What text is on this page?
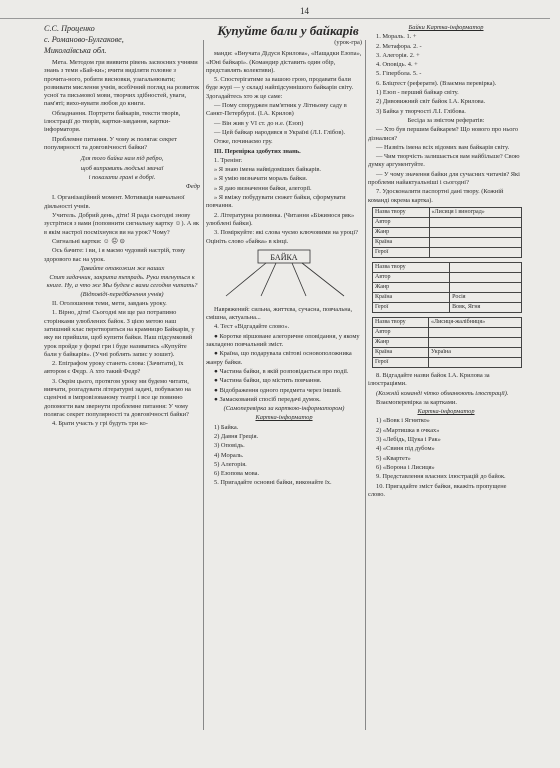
14

С.С. Проценко

с. Романово-Булгакове,

Миколаївська обл.

Мета. Методом гри виявити рівень засвоєних учнями знань з теми «Бай-ки»; вчити виділяти головне з прочита-ного, робити висновки, узагальнювати; розвивати мислення учнів, всебічний погляд на розвиток усної та письмової мови, творчих здібностей, уваги, пам'яті; вихо-вувати любов до книги.

Обладнання. Портрети байкарів, тексти творів, ілюстрації до творів, картки-завдання, картки-інформатори.

Проблемне питання. У чому ж полягає секрет популярності та довговічності байки?

Для того байка нам під ребро,

щоб виправить людські звичаї

і показати грані в добрі.

Федр

І. Організаційний момент. Мотивація навчальної діяльності учнів.

Учитель. Добрий день, діти! Я рада сьогодні знову зустрітися з вами (поповнити сигнальну картку ☺). А як в якім настрої посміхнувся ви на урок? Чому?

Сигнальні картки: ☺ ☹ ⊝

Ось бачите: і ви, і я маємо чудовий настрій, тому здорового вас на урок.

Давайте отакожим же наших

Спит задачник, закрита тетрадь. Руки тягнуться к книге. Ну, а что же Мы будем с вами сегодня читать? (Відповіді-передбачення учнів)

ІІ. Оголошення теми, мети, завдань уроку.

1. Вірно, діти! Сьогодні ми ще раз потрапимо сторінками улюблених байок. З цією метою наш затишний клас перетвориться на крамницю Байкарів, у яку ви прийшли, щоб купити байки. Наш підсумковий урок пройде у формі гри і буде називатись «Купуйте бали у байкарів». (Учні роблять запис у зошит).

2. Епіграфом уроку станеть слова: (Зачитати), їх автором є Федр. А хто такий Федр?

3. Окрім цього, протягом уроку ми будемо читати, вивчати, розгадувати літературні задачі, побуваємо на сценічні в імпровізованому театрі і все це повинно допомогти вам звернути проблемне питання: У чому полягає секрет популярності та довговічності байки?

4. Брати участь у грі будуть три ко-

Купуйте бали у байкарів

(урок-гра)

манди: «Внучата Дідуся Крилова», «Нащадки Езопа», «Юні байкарі». (Командир діставить один обір, представлять колективи).

5. Спостерігатиме за вашою грою, продавати бали буде журі — у складі найпідсумнішого байкарів світу. Здогадайтесь хто ж це саме:

— Пому споруджен пам'ятник у Літньому саду в Санкт-Петербурзі. (І.А. Крилов)

— Він жив у VI ст. до н.е. (Езоп)

— Цей байкар народився в Україні (Л.І. Глібов).

Отже, починаємо гру.

ІІІ. Перевірка здобутих знань.

1. Тренінг.

» Я знаю імена найвідоміших байкарів.

» Я умію визначати мораль байки.

» Я даю визначення байки, алегорії.

» Я вміжу побудувати сюжет байки, сформувати повчання.

2. Літературна розминка. (Читання «Біжимося ряк» улюблені байки).

3. Поміркуйте: які слова чуємо ключовими на уроці? Оцініть слово «байка» в кінці.

БАЙКА

Навряжений: сильна, життєва, сучасна, повчальна, смішна, актуальна...

4. Тест «Відгадайте слово».

● Коротке віршоване алегоричне оповідання, у якому закладено повчальний зміст.

● Країна, що подарувала світові основоположника жанру байки.

● Частина байки, в якій розповідається про події.

● Частина байки, що містить повчання.

● Відображення одного предмета через інший.

● Замаскований спосіб передачі думок.

(Самоперевірка за карткою-інформатором)

Картка-інформатор

1) Байка.

2) Давня Греція.

3) Оповідь.

4) Мораль.

5) Алегорія.

6) Езопова мова.

5. Пригадайте основні байки, виконайте їх.

Байки Картка-інформатор

1. Мораль. 1. +

2. Метафора. 2. -

3. Алегорія. 2. +

4. Оповідь. 4. +

5. Гіпербола. 5. -

6. Бліцтест (реферати). (Взаємна перевірка).

1) Езоп - перший байкар світу.

2) Дивовижний світ байок І.А. Крилова.

3) Байка у творчості Л.І. Глібова.

Бесіда за змістом рефератів:

— Хто був першим байкарем? Що нового про нього дізналися?

— Назвіть імена всіх відомих вам байкарів світу.

— Чим творчість залишається вам найбільше? Свою думку аргументуйте.

— У чому значення байки для сучасних читачів? Які проблеми найактуальніші і сьогодні?

7. Удосконалити паспортні дані твору. (Кожній команді окрема картка).

Назва твору	«Лисиця і виноград»
Автор	
Жанр	
Країна	
Герої	
Назва твору	
Автор	
Жанр	
Країна	Росія
Герої	Вовк, Ягня
Назва твору	«Лисиця-жалібниця»
Автор	
Жанр	
Країна	Україна
Герої	

8. Відгадайте назви байок І.А. Крилова за ілюстраціями.

(Кожній команді чітко обманюють ілюстрації).

Взаємоперевірка за картками.

Картка-інформатор

1) «Вовк і Ягнятко»

2) «Мартишка в очках»

3) «Лебідь, Щука і Рак»

4) «Свиня під дубом»

5) «Квартет»

6) «Ворона і Лисиця»

9. Представлення власних ілюстрацій до байок.

10. Пригадайте зміст байки, вкажіть пропущене слово.
